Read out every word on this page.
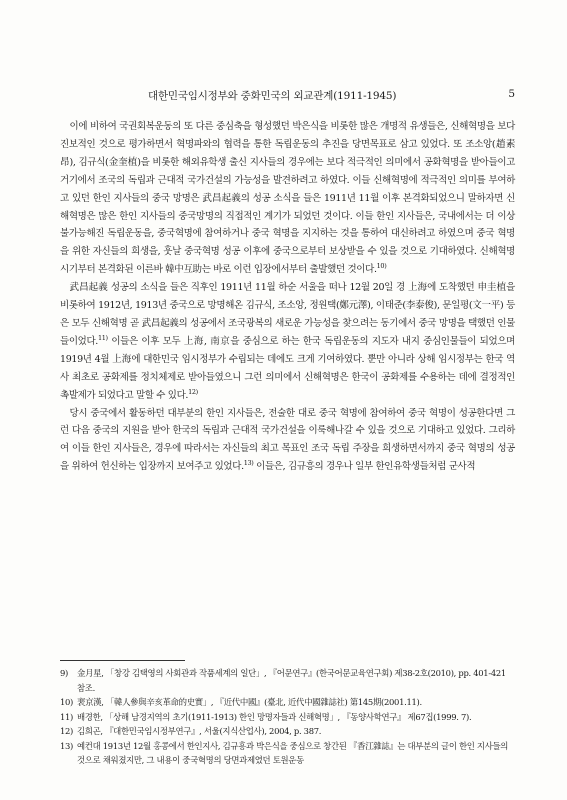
대한민국임시정부와 중화민국의 외교관계(1911-1945)	5

이에 비하여 국권회복운동의 또 다른 중심축을 형성했던 박은식을 비롯한 많은 개명적 유생들은, 신해혁명을 보다 진보적인 것으로 평가하면서 혁명파와의 협력을 통한 독립운동의 추진을 당면목표로 삼고 있었다. 또 조소앙(趙素昂), 김규식(金奎植)을 비롯한 해외유학생 출신 지사들의 경우에는 보다 적극적인 의미에서 공화혁명을 받아들이고 거기에서 조국의 독립과 근대적 국가건설의 가능성을 발견하려고 하였다. 이들 신해혁명에 적극적인 의미를 부여하고 있던 한인 지사들의 중국 망명은 武昌起義의 성공 소식을 들은 1911년 11월 이후 본격화되었으니 말하자면 신해혁명은 많은 한인 지사들의 중국망명의 직접적인 계기가 되었던 것이다. 이들 한인 지사들은, 국내에서는 더 이상 불가능해진 독립운동을, 중국혁명에 참여하거나 중국 혁명을 지지하는 것을 통하여 대신하려고 하였으며 중국 혁명을 위한 자신들의 희생을, 훗날 중국혁명 성공 이후에 중국으로부터 보상받을 수 있을 것으로 기대하였다. 신해혁명 시기부터 본격화된 이른바 韓中互助는 바로 이런 입장에서부터 출발했던 것이다.$^{10)}$

武昌起義 성공의 소식을 들은 직후인 1911년 11월 하순 서울을 떠나 12월 20일 경 上海에 도착했던 申圭植을 비롯하여 1912년, 1913년 중국으로 망명해온 김규식, 조소앙, 정원택(鄭元澤), 이태준(李泰俊), 문일평(文一平) 등은 모두 신해혁명 곧 武昌起義의 성공에서 조국광복의 새로운 가능성을 찾으려는 동기에서 중국 망명을 택했던 인물들이었다.$^{11)}$ 이들은 이후 모두 上海, 南京을 중심으로 하는 한국 독립운동의 지도자 내지 중심인물들이 되었으며 1919년 4월 上海에 대한민국 임시정부가 수립되는 데에도 크게 기여하였다. 뿐만 아니라 상해 임시정부는 한국 역사 최초로 공화제를 정치체제로 받아들였으니 그런 의미에서 신해혁명은 한국이 공화제를 수용하는 데에 결정적인 촉발제가 되었다고 말할 수 있다.$^{12)}$

당시 중국에서 활동하던 대부분의 한인 지사들은, 전술한 대로 중국 혁명에 참여하여 중국 혁명이 성공한다면 그런 다음 중국의 지원을 받아 한국의 독립과 근대적 국가건설을 이룩해나갈 수 있을 것으로 기대하고 있었다. 그리하여 이들 한인 지사들은, 경우에 따라서는 자신들의 최고 목표인 조국 독립 주장을 희생하면서까지 중국 혁명의 성공을 위하여 헌신하는 입장까지 보여주고 있었다.$^{13)}$ 이들은, 김규흥의 경우나 일부 한인유학생들처럼 군사적

9) 金月星, 「창강 김택영의 사회관과 작품세계의 일단」, 『어문연구』(한국어문교육연구회) 제38-2호(2010), pp. 401-421 참조.
10) 裵京漢, 「韓人參與辛亥革命的史實」, 『近代中國』(臺北, 近代中國雜誌社) 第145期(2001.11).
11) 배경한, 「상해 남경지역의 초기(1911-1913) 한인 망명자들과 신해혁명」, 『동양사학연구』 제67집(1999. 7).
12) 김희곤, 『대한민국임시정부연구』, 서울(지식산업사), 2004, p. 387.
13) 예컨대 1913년 12월 홍콩에서 한인지사, 김규흥과 박은식을 중심으로 창간된 『香江雜誌』는 대부분의 글이 한인 지사들의 것으로 채워졌지만, 그 내용이 중국혁명의 당면과제였던 토원운동
